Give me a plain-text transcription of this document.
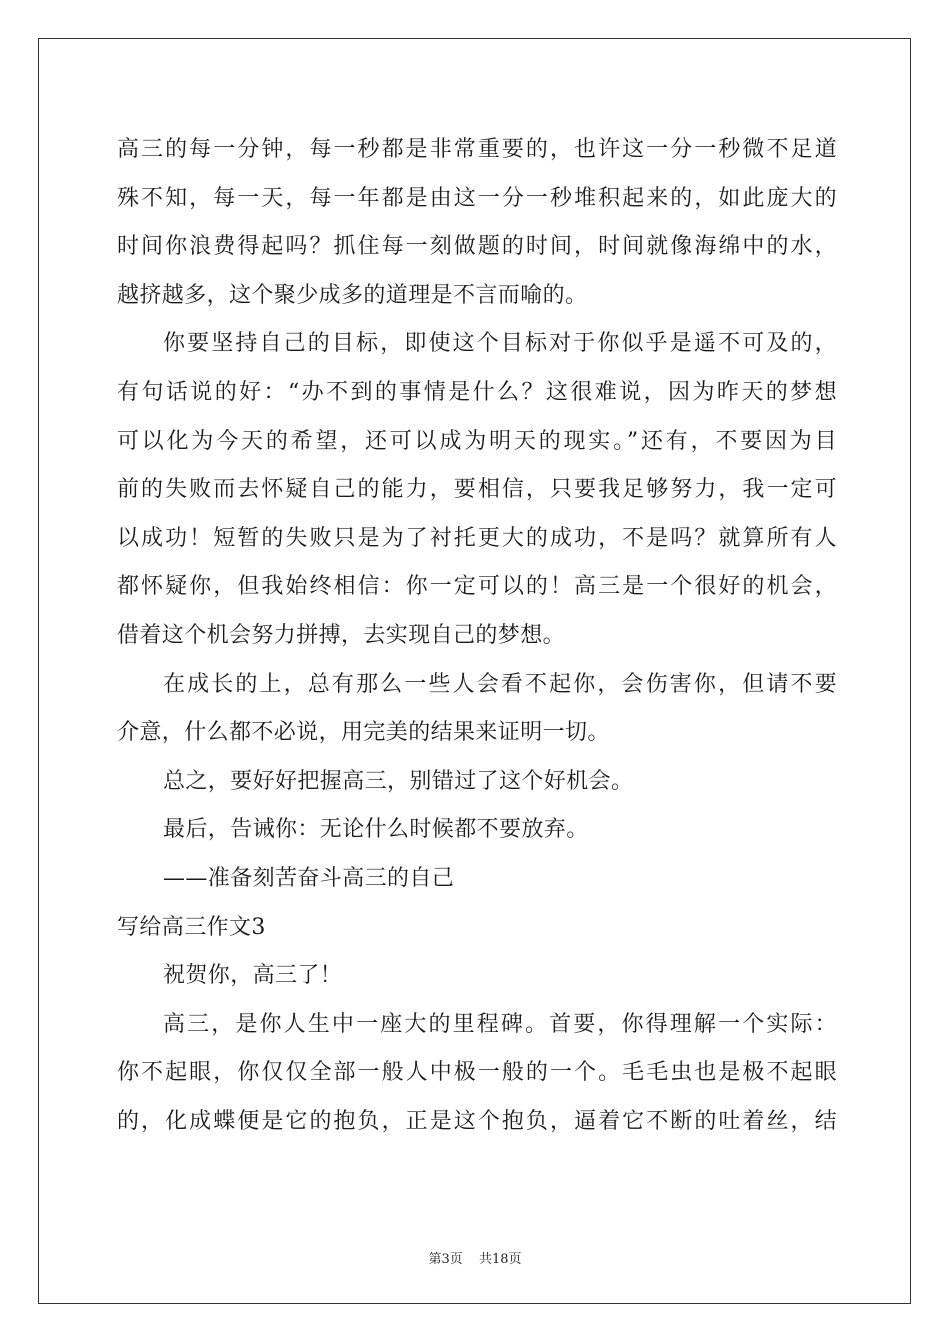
高三的每一分钟，每一秒都是非常重要的，也许这一分一秒微不足道
殊不知，每一天，每一年都是由这一分一秒堆积起来的，如此庞大的
时间你浪费得起吗？抓住每一刻做题的时间，时间就像海绵中的水，
越挤越多，这个聚少成多的道理是不言而喻的。
你要坚持自己的目标，即使这个目标对于你似乎是遥不可及的，
有句话说的好：“办不到的事情是什么？这很难说，因为昨天的梦想
可以化为今天的希望，还可以成为明天的现实。”还有，不要因为目
前的失败而去怀疑自己的能力，要相信，只要我足够努力，我一定可
以成功！短暂的失败只是为了衬托更大的成功，不是吗？就算所有人
都怀疑你，但我始终相信：你一定可以的！高三是一个很好的机会，
借着这个机会努力拼搏，去实现自己的梦想。
在成长的上，总有那么一些人会看不起你，会伤害你，但请不要
介意，什么都不必说，用完美的结果来证明一切。
总之，要好好把握高三，别错过了这个好机会。
最后，告诫你：无论什么时候都不要放弃。
——准备刻苦奋斗高三的自己
写给高三作文3
祝贺你，高三了！
高三，是你人生中一座大的里程碑。首要，你得理解一个实际：
你不起眼，你仅仅全部一般人中极一般的一个。毛毛虫也是极不起眼
的，化成蝶便是它的抱负，正是这个抱负，逼着它不断的吐着丝，结
第3页 共18页
